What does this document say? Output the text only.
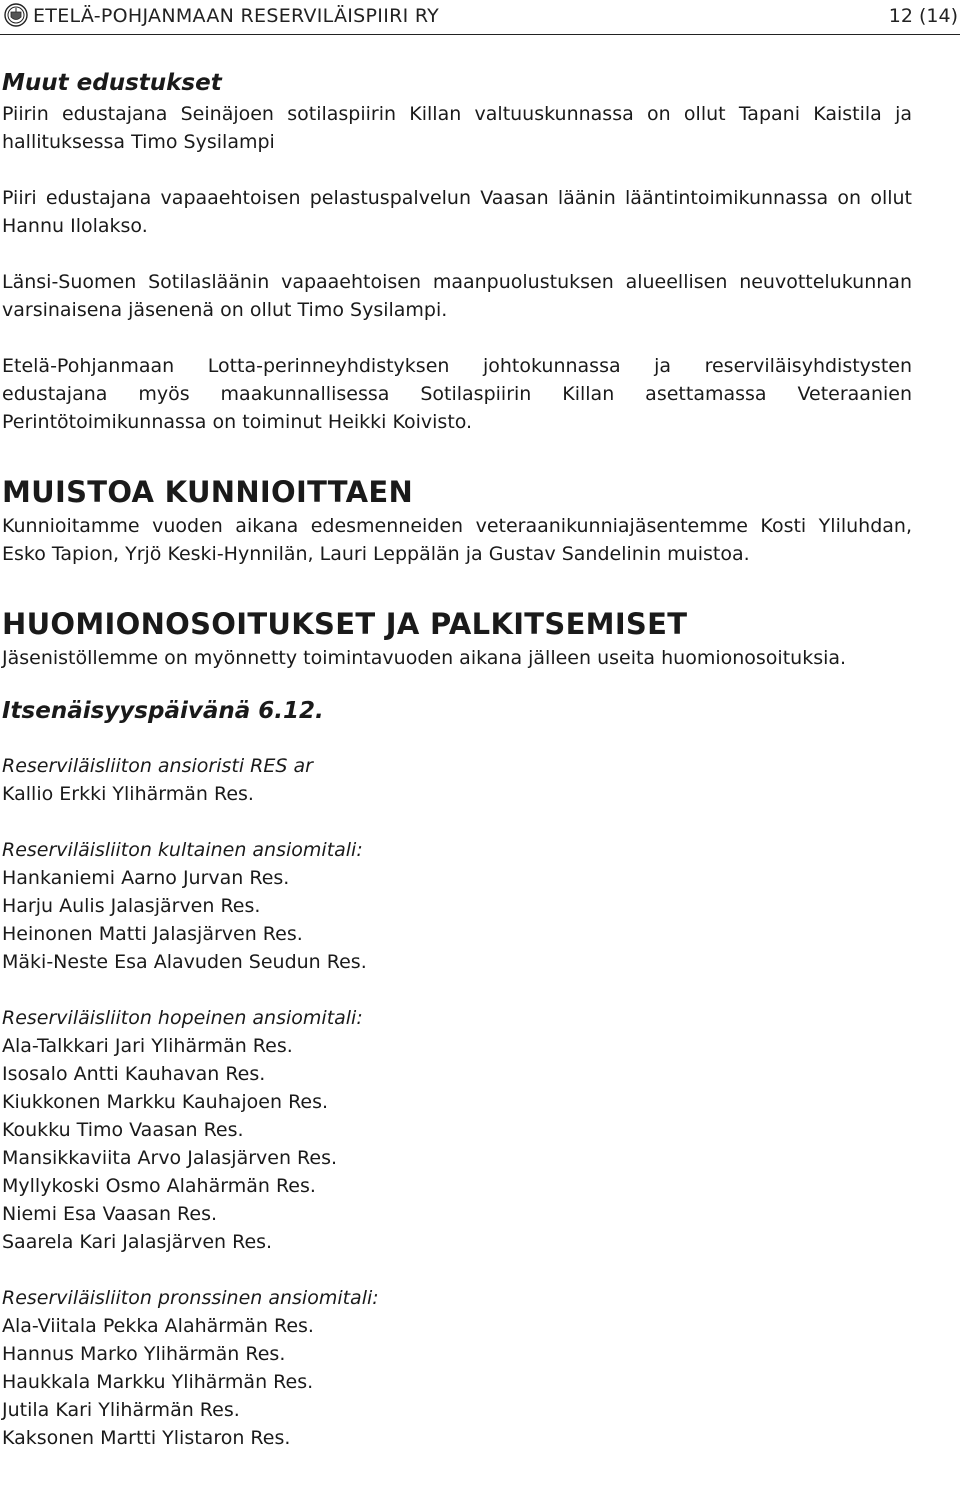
ETELÄ-POHJANMAAN RESERVILÄISPIIRI RY	12 (14)
Muut edustukset

Piirin edustajana Seinäjoen sotilaspiirin Killan valtuuskunnassa on ollut Tapani Kaistila ja hallituksessa Timo Sysilampi

Piiri edustajana vapaaehtoisen pelastuspalvelun Vaasan läänin lääntintoimikunnassa on ollut Hannu Ilolakso.

Länsi-Suomen Sotilasläänin vapaaehtoisen maanpuolustuksen alueellisen neuvottelukunnan varsinaisena jäsenenä on ollut Timo Sysilampi.

Etelä-Pohjanmaan Lotta-perinneyhdistyksen johtokunnassa ja reserviläisyhdistysten

edustajana myös maakunnallisessa Sotilaspiirin Killan asettamassa Veteraanien

Perintötoimikunnassa on toiminut Heikki Koivisto.

MUISTOA KUNNIOITTAEN

Kunnioitamme vuoden aikana edesmenneiden veteraanikunniajäsentemme Kosti Yliluhdan, Esko Tapion, Yrjö Keski-Hynnilän, Lauri Leppälän ja Gustav Sandelinin muistoa.

HUOMIONOSOITUKSET JA PALKITSEMISET

Jäsenistöllemme on myönnetty toimintavuoden aikana jälleen useita huomionosoituksia.

Itsenäisyyspäivänä 6.12.

Reserviläisliiton ansioristi RES ar

Kallio Erkki Ylihärmän Res.

Reserviläisliiton kultainen ansiomitali:

Hankaniemi Aarno Jurvan Res.
Harju Aulis Jalasjärven Res.
Heinonen Matti Jalasjärven Res.
Mäki-Neste Esa Alavuden Seudun Res.

Reserviläisliiton hopeinen ansiomitali:

Ala-Talkkari Jari Ylihärmän Res.
Isosalo Antti Kauhavan Res.
Kiukkonen Markku Kauhajoen Res.
Koukku Timo Vaasan Res.
Mansikkaviita Arvo Jalasjärven Res.
Myllykoski Osmo Alahärmän Res.
Niemi Esa Vaasan Res.
Saarela Kari Jalasjärven Res.

Reserviläisliiton pronssinen ansiomitali:

Ala-Viitala Pekka Alahärmän Res.
Hannus Marko Ylihärmän Res.
Haukkala Markku Ylihärmän Res.
Jutila Kari Ylihärmän Res.
Kaksonen Martti Ylistaron Res.
